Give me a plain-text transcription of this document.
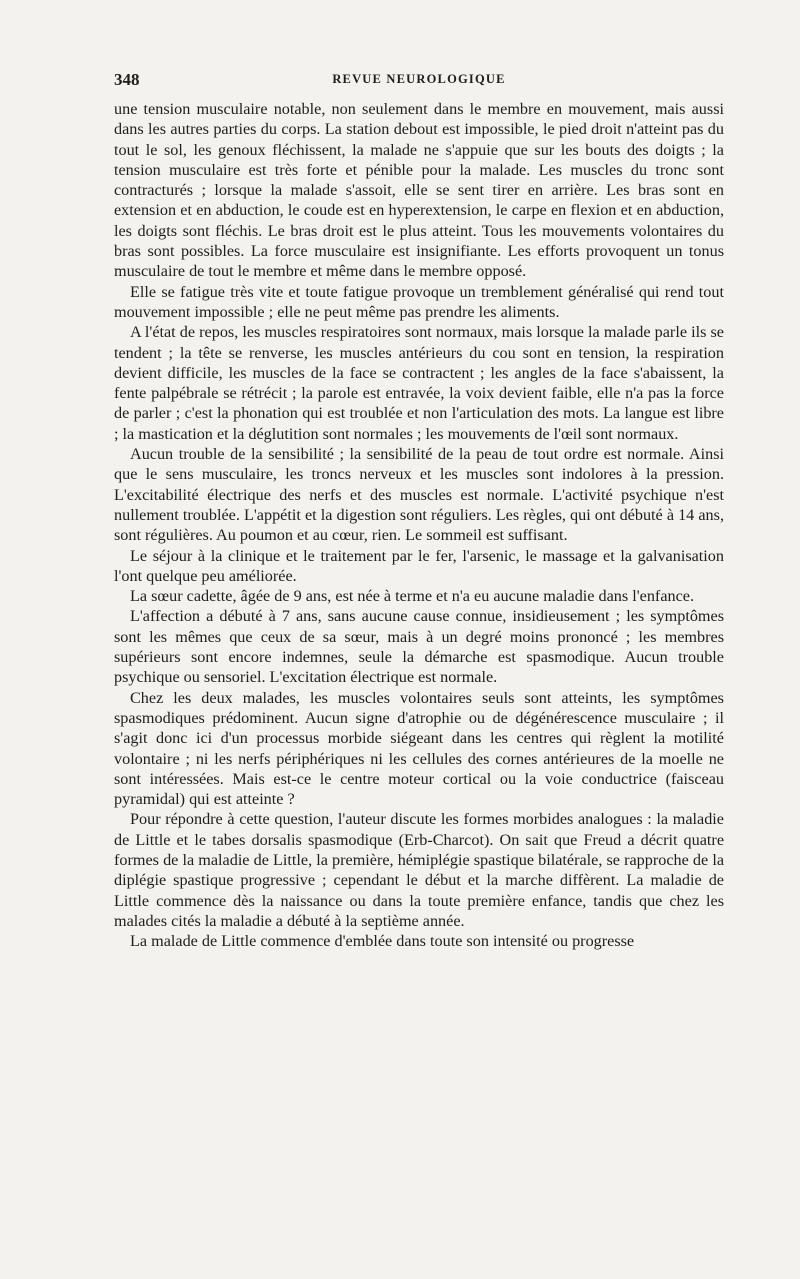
348	REVUE NEUROLOGIQUE

une tension musculaire notable, non seulement dans le membre en mouvement, mais aussi dans les autres parties du corps. La station debout est impossible, le pied droit n'atteint pas du tout le sol, les genoux fléchissent, la malade ne s'appuie que sur les bouts des doigts ; la tension musculaire est très forte et pénible pour la malade. Les muscles du tronc sont contracturés ; lorsque la malade s'assoit, elle se sent tirer en arrière. Les bras sont en extension et en abduction, le coude est en hyperextension, le carpe en flexion et en abduction, les doigts sont fléchis. Le bras droit est le plus atteint. Tous les mouvements volontaires du bras sont possibles. La force musculaire est insignifiante. Les efforts provoquent un tonus musculaire de tout le membre et même dans le membre opposé.

Elle se fatigue très vite et toute fatigue provoque un tremblement généralisé qui rend tout mouvement impossible ; elle ne peut même pas prendre les aliments.

A l'état de repos, les muscles respiratoires sont normaux, mais lorsque la malade parle ils se tendent ; la tête se renverse, les muscles antérieurs du cou sont en tension, la respiration devient difficile, les muscles de la face se contractent ; les angles de la face s'abaissent, la fente palpébrale se rétrécit ; la parole est entravée, la voix devient faible, elle n'a pas la force de parler ; c'est la phonation qui est troublée et non l'articulation des mots. La langue est libre ; la mastication et la déglutition sont normales ; les mouvements de l'œil sont normaux.

Aucun trouble de la sensibilité ; la sensibilité de la peau de tout ordre est normale. Ainsi que le sens musculaire, les troncs nerveux et les muscles sont indolores à la pression. L'excitabilité électrique des nerfs et des muscles est normale. L'activité psychique n'est nullement troublée. L'appétit et la digestion sont réguliers. Les règles, qui ont débuté à 14 ans, sont régulières. Au poumon et au cœur, rien. Le sommeil est suffisant.

Le séjour à la clinique et le traitement par le fer, l'arsenic, le massage et la galvanisation l'ont quelque peu améliorée.

La sœur cadette, âgée de 9 ans, est née à terme et n'a eu aucune maladie dans l'enfance.

L'affection a débuté à 7 ans, sans aucune cause connue, insidieusement ; les symptômes sont les mêmes que ceux de sa sœur, mais à un degré moins prononcé ; les membres supérieurs sont encore indemnes, seule la démarche est spasmodique. Aucun trouble psychique ou sensoriel. L'excitation électrique est normale.

Chez les deux malades, les muscles volontaires seuls sont atteints, les symptômes spasmodiques prédominent. Aucun signe d'atrophie ou de dégénérescence musculaire ; il s'agit donc ici d'un processus morbide siégeant dans les centres qui règlent la motilité volontaire ; ni les nerfs périphériques ni les cellules des cornes antérieures de la moelle ne sont intéressées. Mais est-ce le centre moteur cortical ou la voie conductrice (faisceau pyramidal) qui est atteinte ?

Pour répondre à cette question, l'auteur discute les formes morbides analogues : la maladie de Little et le tabes dorsalis spasmodique (Erb-Charcot). On sait que Freud a décrit quatre formes de la maladie de Little, la première, hémiplégie spastique bilatérale, se rapproche de la diplégie spastique progressive ; cependant le début et la marche diffèrent. La maladie de Little commence dès la naissance ou dans la toute première enfance, tandis que chez les malades cités la maladie a débuté à la septième année.

La malade de Little commence d'emblée dans toute son intensité ou progresse
